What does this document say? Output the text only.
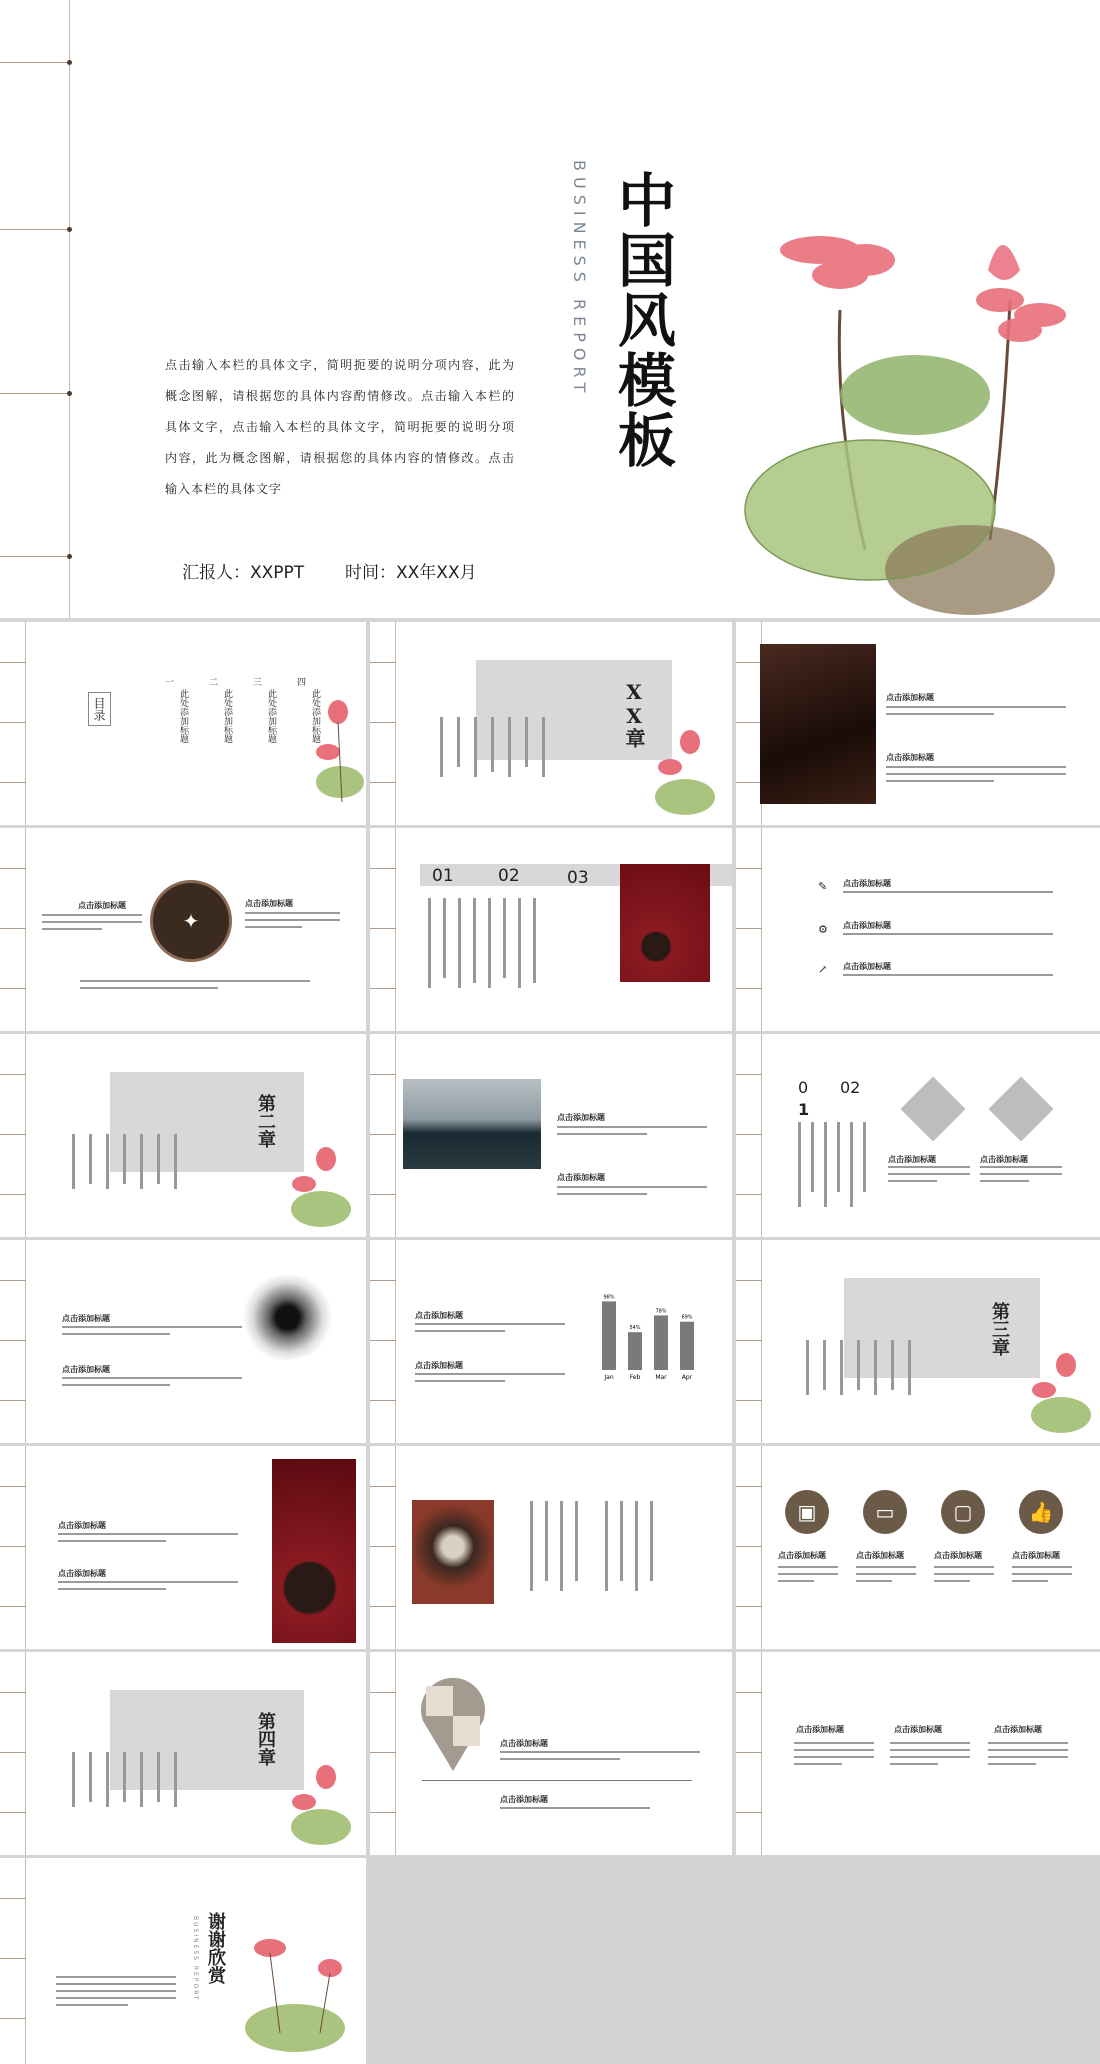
点击输入本栏的具体文字，简明扼要的说明分项内容，此为概念图解，请根据您的具体内容酌情修改。点击输入本栏的具体文字，点击输入本栏的具体文字，简明扼要的说明分项内容，此为概念图解，请根据您的具体内容的情修改。点击输入本栏的具体文字
汇报人：XXPPT 时间：XX年XX月
BUSINESS REPORT 中国风模板
目录
一
此处添加标题
二
此处添加标题
三
此处添加标题
四
此处添加标题	XX章	点击添加标题
点击添加标题
点击添加标题
✦
点击添加标题
01	02	03	✎ 点击添加标题
⚙ 点击添加标题
↗ 点击添加标题
第二章	点击添加标题
点击添加标题
0
1
02
点击添加标题	点击添加标题
点击添加标题
点击添加标题
点击添加标题
点击添加标题
98%
Jan
54%
Feb
78%
Mar
69%
Apr
第三章
点击添加标题
点击添加标题
▣	▭	▢	👍
点击添加标题	点击添加标题	点击添加标题	点击添加标题
第四章	点击添加标题
点击添加标题
点击添加标题	点击添加标题	点击添加标题
BUSINESS REPORT 谢谢欣赏
